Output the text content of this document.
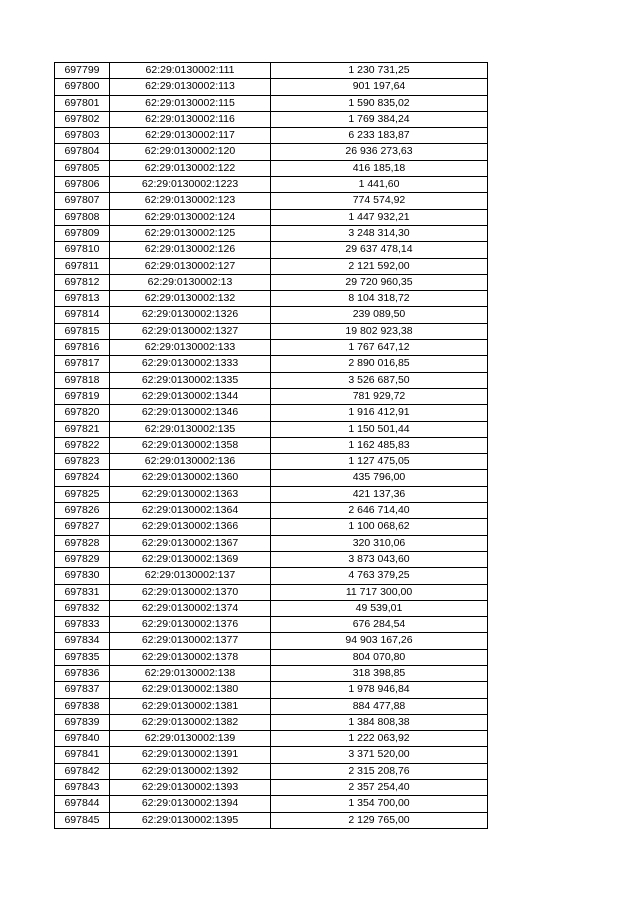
697799	62:29:0130002:111	1 230 731,25
697800	62:29:0130002:113	901 197,64
697801	62:29:0130002:115	1 590 835,02
697802	62:29:0130002:116	1 769 384,24
697803	62:29:0130002:117	6 233 183,87
697804	62:29:0130002:120	26 936 273,63
697805	62:29:0130002:122	416 185,18
697806	62:29:0130002:1223	1 441,60
697807	62:29:0130002:123	774 574,92
697808	62:29:0130002:124	1 447 932,21
697809	62:29:0130002:125	3 248 314,30
697810	62:29:0130002:126	29 637 478,14
697811	62:29:0130002:127	2 121 592,00
697812	62:29:0130002:13	29 720 960,35
697813	62:29:0130002:132	8 104 318,72
697814	62:29:0130002:1326	239 089,50
697815	62:29:0130002:1327	19 802 923,38
697816	62:29:0130002:133	1 767 647,12
697817	62:29:0130002:1333	2 890 016,85
697818	62:29:0130002:1335	3 526 687,50
697819	62:29:0130002:1344	781 929,72
697820	62:29:0130002:1346	1 916 412,91
697821	62:29:0130002:135	1 150 501,44
697822	62:29:0130002:1358	1 162 485,83
697823	62:29:0130002:136	1 127 475,05
697824	62:29:0130002:1360	435 796,00
697825	62:29:0130002:1363	421 137,36
697826	62:29:0130002:1364	2 646 714,40
697827	62:29:0130002:1366	1 100 068,62
697828	62:29:0130002:1367	320 310,06
697829	62:29:0130002:1369	3 873 043,60
697830	62:29:0130002:137	4 763 379,25
697831	62:29:0130002:1370	11 717 300,00
697832	62:29:0130002:1374	49 539,01
697833	62:29:0130002:1376	676 284,54
697834	62:29:0130002:1377	94 903 167,26
697835	62:29:0130002:1378	804 070,80
697836	62:29:0130002:138	318 398,85
697837	62:29:0130002:1380	1 978 946,84
697838	62:29:0130002:1381	884 477,88
697839	62:29:0130002:1382	1 384 808,38
697840	62:29:0130002:139	1 222 063,92
697841	62:29:0130002:1391	3 371 520,00
697842	62:29:0130002:1392	2 315 208,76
697843	62:29:0130002:1393	2 357 254,40
697844	62:29:0130002:1394	1 354 700,00
697845	62:29:0130002:1395	2 129 765,00
